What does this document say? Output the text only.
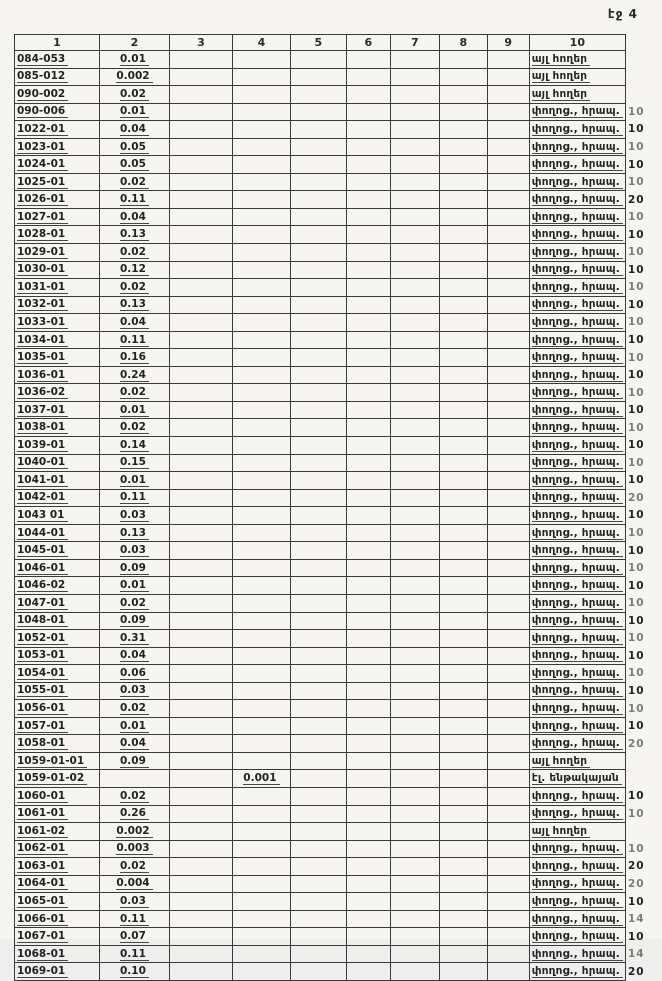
էջ 4
1	2	3	4	5	6	7	8	9	10	
084-053	0.01								այլ հողեր	
085-012	0.002								այլ հողեր	
090-002	0.02								այլ հողեր	
090-006	0.01								փողոց., հրապ.	10
1022-01	0.04								փողոց., հրապ.	10
1023-01	0.05								փողոց., հրապ.	10
1024-01	0.05								փողոց., հրապ.	10
1025-01	0.02								փողոց., հրապ.	10
1026-01	0.11								փողոց., հրապ.	20
1027-01	0.04								փողոց., հրապ.	10
1028-01	0.13								փողոց., հրապ.	10
1029-01	0.02								փողոց., հրապ.	10
1030-01	0.12								փողոց., հրապ.	10
1031-01	0.02								փողոց., հրապ.	10
1032-01	0.13								փողոց., հրապ.	10
1033-01	0.04								փողոց., հրապ.	10
1034-01	0.11								փողոց., հրապ.	10
1035-01	0.16								փողոց., հրապ.	10
1036-01	0.24								փողոց., հրապ.	10
1036-02	0.02								փողոց., հրապ.	10
1037-01	0.01								փողոց., հրապ.	10
1038-01	0.02								փողոց., հրապ.	10
1039-01	0.14								փողոց., հրապ.	10
1040-01	0.15								փողոց., հրապ.	10
1041-01	0.01								փողոց., հրապ.	10
1042-01	0.11								փողոց., հրապ.	20
1043 01	0.03								փողոց., հրապ.	10
1044-01	0.13								փողոց., հրապ.	10
1045-01	0.03								փողոց., հրապ.	10
1046-01	0.09								փողոց., հրապ.	10
1046-02	0.01								փողոց., հրապ.	10
1047-01	0.02								փողոց., հրապ.	10
1048-01	0.09								փողոց., հրապ.	10
1052-01	0.31								փողոց., հրապ.	10
1053-01	0.04								փողոց., հրապ.	10
1054-01	0.06								փողոց., հրապ.	10
1055-01	0.03								փողոց., հրապ.	10
1056-01	0.02								փողոց., հրապ.	10
1057-01	0.01								փողոց., հրապ.	10
1058-01	0.04								փողոց., հրապ.	20
1059-01-01	0.09								այլ հողեր	
1059-01-02			0.001						էլ. ենթակայան	
1060-01	0.02								փողոց., հրապ.	10
1061-01	0.26								փողոց., հրապ.	10
1061-02	0.002								այլ հողեր	
1062-01	0.003								փողոց., հրապ.	10
1063-01	0.02								փողոց., հրապ.	20
1064-01	0.004								փողոց., հրապ.	20
1065-01	0.03								փողոց., հրապ.	10
1066-01	0.11								փողոց., հրապ.	14
1067-01	0.07								փողոց., հրապ.	10
1068-01	0.11								փողոց., հրապ.	14
1069-01	0.10								փողոց., հրապ.	20
